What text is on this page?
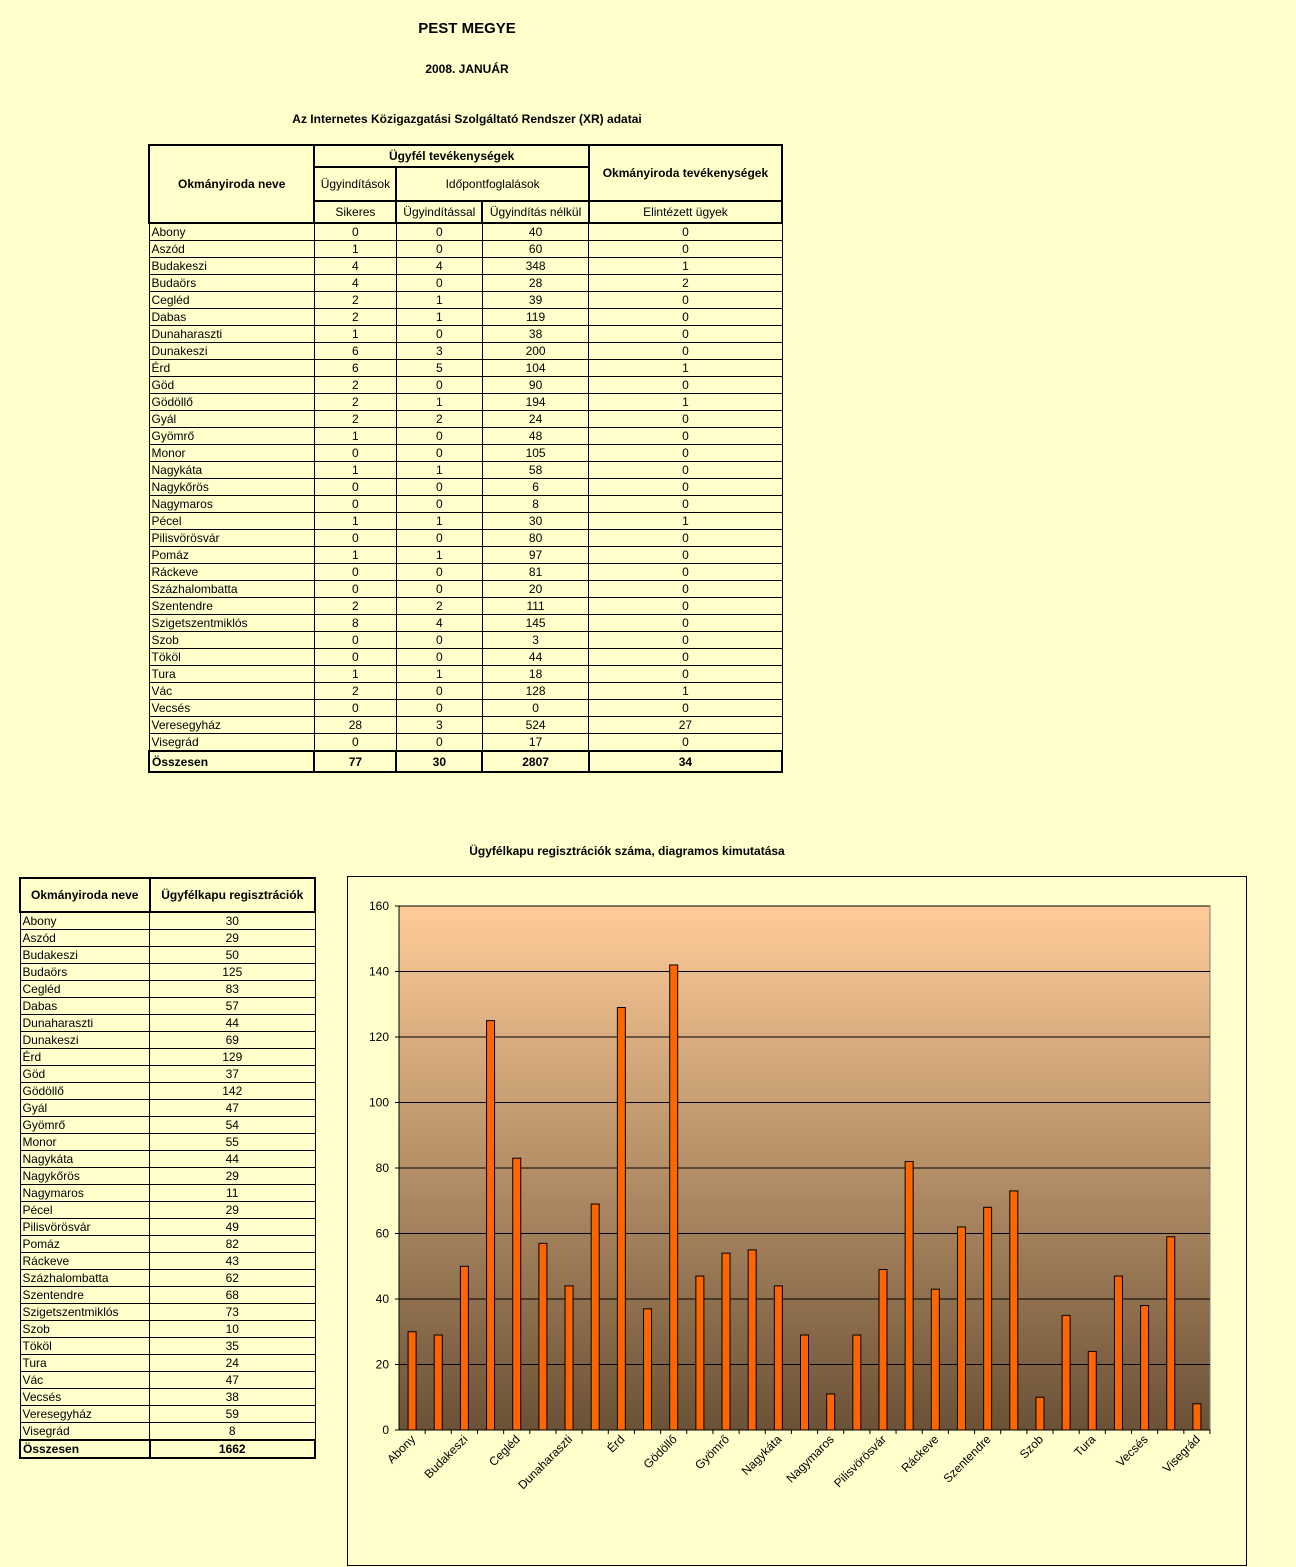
PEST MEGYE
2008. JANUÁR
Az Internetes Közigazgatási Szolgáltató Rendszer (XR) adatai
Okmányiroda neve	Ügyfél tevékenységek			Okmányiroda tevékenységek
	Ügyindítások	Időpontfoglalások		
	Sikeres	Ügyindítással	Ügyindítás nélkül	Elintézett ügyek
Abony	0	0	40	0
Aszód	1	0	60	0
Budakeszi	4	4	348	1
Budaörs	4	0	28	2
Cegléd	2	1	39	0
Dabas	2	1	119	0
Dunaharaszti	1	0	38	0
Dunakeszi	6	3	200	0
Érd	6	5	104	1
Göd	2	0	90	0
Gödöllő	2	1	194	1
Gyál	2	2	24	0
Gyömrő	1	0	48	0
Monor	0	0	105	0
Nagykáta	1	1	58	0
Nagykőrös	0	0	6	0
Nagymaros	0	0	8	0
Pécel	1	1	30	1
Pilisvörösvár	0	0	80	0
Pomáz	1	1	97	0
Ráckeve	0	0	81	0
Százhalombatta	0	0	20	0
Szentendre	2	2	111	0
Szigetszentmiklós	8	4	145	0
Szob	0	0	3	0
Tököl	0	0	44	0
Tura	1	1	18	0
Vác	2	0	128	1
Vecsés	0	0	0	0
Veresegyház	28	3	524	27
Visegrád	0	0	17	0
Összesen	77	30	2807	34
Ügyfélkapu regisztrációk száma, diagramos kimutatása
Okmányiroda neve	Ügyfélkapu regisztrációk
Abony	30
Aszód	29
Budakeszi	50
Budaörs	125
Cegléd	83
Dabas	57
Dunaharaszti	44
Dunakeszi	69
Érd	129
Göd	37
Gödöllő	142
Gyál	47
Gyömrő	54
Monor	55
Nagykáta	44
Nagykőrös	29
Nagymaros	11
Pécel	29
Pilisvörösvár	49
Pomáz	82
Ráckeve	43
Százhalombatta	62
Szentendre	68
Szigetszentmiklós	73
Szob	10
Tököl	35
Tura	24
Vác	47
Vecsés	38
Veresegyház	59
Visegrád	8
Összesen	1662
0
20
40
60
80
100
120
140
160
Abony Budakeszi Cegléd
Dunaharaszti Érd Gödöllő Gyömrő Nagykáta Nagymaros
Pilisvörösvár Ráckeve Szentendre Szob Tura Vecsés Visegrád
